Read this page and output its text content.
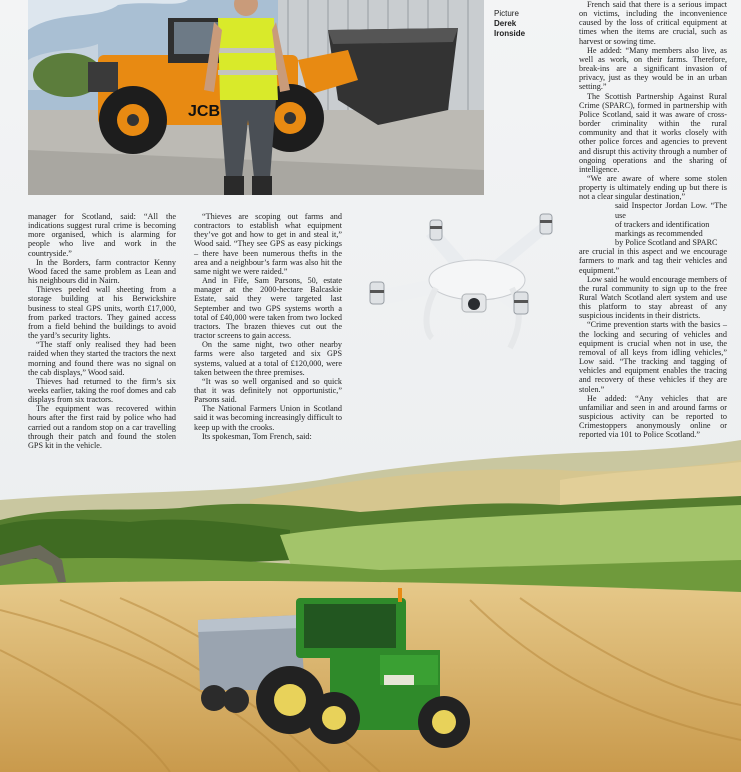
JCB
Picture
Derek
Ironside

manager for Scotland, said: “All the indications suggest rural crime is becoming more organised, which is alarming for people who live and work in the countryside.”

In the Borders, farm contractor Kenny Wood faced the same problem as Lean and his neighbours did in Nairn.

Thieves peeled wall sheeting from a storage building at his Berwickshire business to steal GPS units, worth £17,000, from parked tractors. They gained access from a field behind the buildings to avoid the yard’s security lights.

“The staff only realised they had been raided when they started the tractors the next morning and found there was no signal on the cab displays,” Wood said.

Thieves had returned to the firm’s six weeks earlier, taking the roof domes and cab displays from six tractors.

The equipment was recovered within hours after the first raid by police who had carried out a random stop on a car travelling through their patch and found the stolen GPS kit in the vehicle.

“Thieves are scoping out farms and contractors to establish what equipment they’ve got and how to get in and steal it,” Wood said. “They see GPS as easy pickings – there have been numerous thefts in the area and a neighbour’s farm was also hit the same night we were raided.”

And in Fife, Sam Parsons, 50, estate manager at the 2000-hectare Balcaskie Estate, said they were targeted last September and two GPS systems worth a total of £40,000 were taken from two locked tractors. The brazen thieves cut out the tractor screens to gain access.

On the same night, two other nearby farms were also targeted and six GPS systems, valued at a total of £120,000, were taken between the three premises.

“It was so well organised and so quick that it was definitely not opportunistic,” Parsons said.

The National Farmers Union in Scotland said it was becoming increasingly difficult to keep up with the crooks.

Its spokesman, Tom French, said:

French said that there is a serious impact on victims, including the inconvenience caused by the loss of critical equipment at times when the items are crucial, such as harvest or sowing time.

He added: “Many members also live, as well as work, on their farms. Therefore, break-ins are a significant invasion of privacy, just as they would be in an urban setting.”

The Scottish Partnership Against Rural Crime (SPARC), formed in partnership with Police Scotland, said it was aware of cross-border criminality within the rural community and that it works closely with other police forces and agencies to prevent and disrupt this activity through a number of ongoing operations and the sharing of intelligence.

“We are aware of where some stolen property is ultimately ending up but there is not a clear singular destination,”

said Inspector Jordan Low. “The use

of trackers and identification

markings as recommended

by Police Scotland and SPARC

are crucial in this aspect and we encourage farmers to mark and tag their vehicles and equipment.”

Low said he would encourage members of the rural community to sign up to the free Rural Watch Scotland alert system and use this platform to stay abreast of any suspicious incidents in their districts.

“Crime prevention starts with the basics – the locking and securing of vehicles and equipment is crucial when not in use, the removal of all keys from idling vehicles,” Low said. “The tracking and tagging of vehicles and equipment enables the tracing and recovery of these vehicles if they are stolen.”

He added: “Any vehicles that are unfamiliar and seen in and around farms or suspicious activity can be reported to Crimestoppers anonymously online or reported via 101 to Police Scotland.”
